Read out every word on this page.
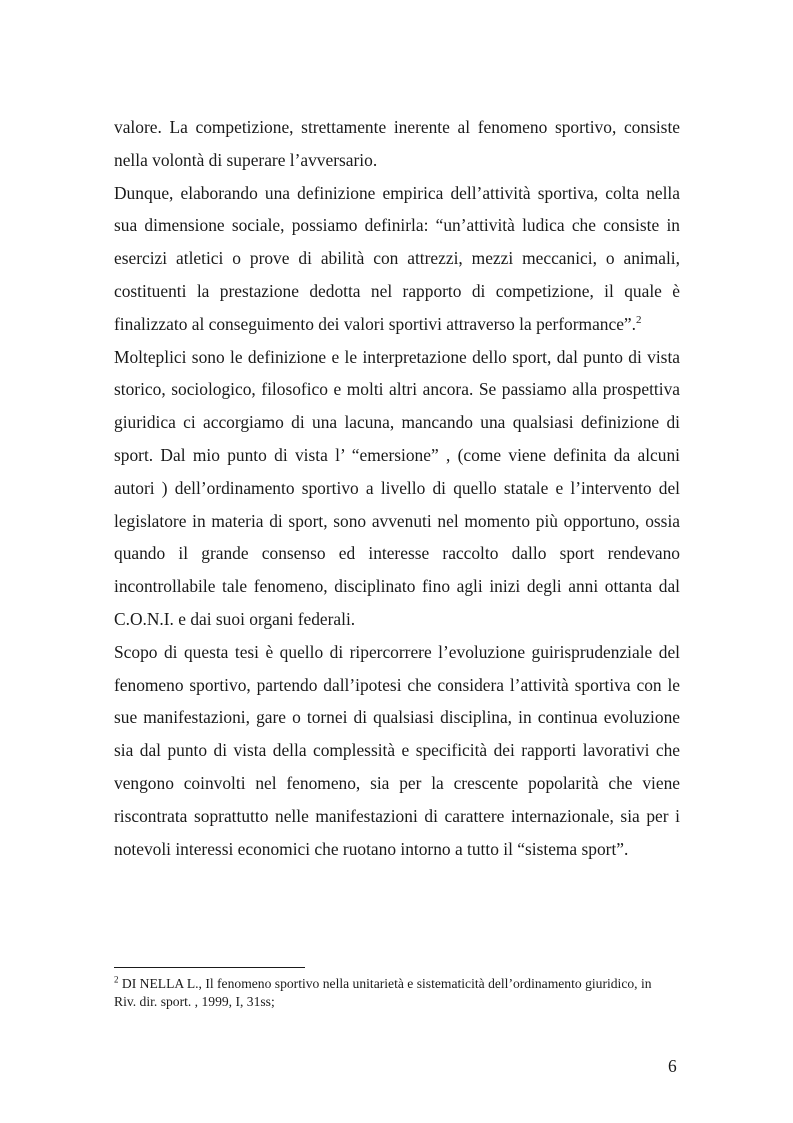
valore. La competizione, strettamente inerente al fenomeno sportivo, consiste nella volontà di superare l’avversario.

Dunque, elaborando una definizione empirica dell’attività sportiva, colta nella sua dimensione sociale, possiamo definirla: “un’attività ludica che consiste in esercizi atletici o prove di abilità con attrezzi, mezzi meccanici, o animali, costituenti la prestazione dedotta nel rapporto di competizione, il quale è finalizzato al conseguimento dei valori sportivi attraverso la performance”.$^2$

Molteplici sono le definizione e le interpretazione dello sport, dal punto di vista storico, sociologico, filosofico e molti altri ancora. Se passiamo alla prospettiva giuridica ci accorgiamo di una lacuna, mancando una qualsiasi definizione di sport. Dal mio punto di vista l’ “emersione” , (come viene definita da alcuni autori ) dell’ordinamento sportivo a livello di quello statale e l’intervento del legislatore in materia di sport, sono avvenuti nel momento più opportuno, ossia quando il grande consenso ed interesse raccolto dallo sport rendevano incontrollabile tale fenomeno, disciplinato fino agli inizi degli anni ottanta dal C.O.N.I. e dai suoi organi federali.

Scopo di questa tesi è quello di ripercorrere l’evoluzione guirisprudenziale del fenomeno sportivo, partendo dall’ipotesi che considera l’attività sportiva con le sue manifestazioni, gare o tornei di qualsiasi disciplina, in continua evoluzione sia dal punto di vista della complessità e specificità dei rapporti lavorativi che vengono coinvolti nel fenomeno, sia per la crescente popolarità che viene riscontrata soprattutto nelle manifestazioni di carattere internazionale, sia per i notevoli interessi economici che ruotano intorno a tutto il “sistema sport”.

$^2$ DI NELLA L., Il fenomeno sportivo nella unitarietà e sistematicità dell’ordinamento giuridico, in Riv. dir. sport. , 1999, I, 31ss;
6
